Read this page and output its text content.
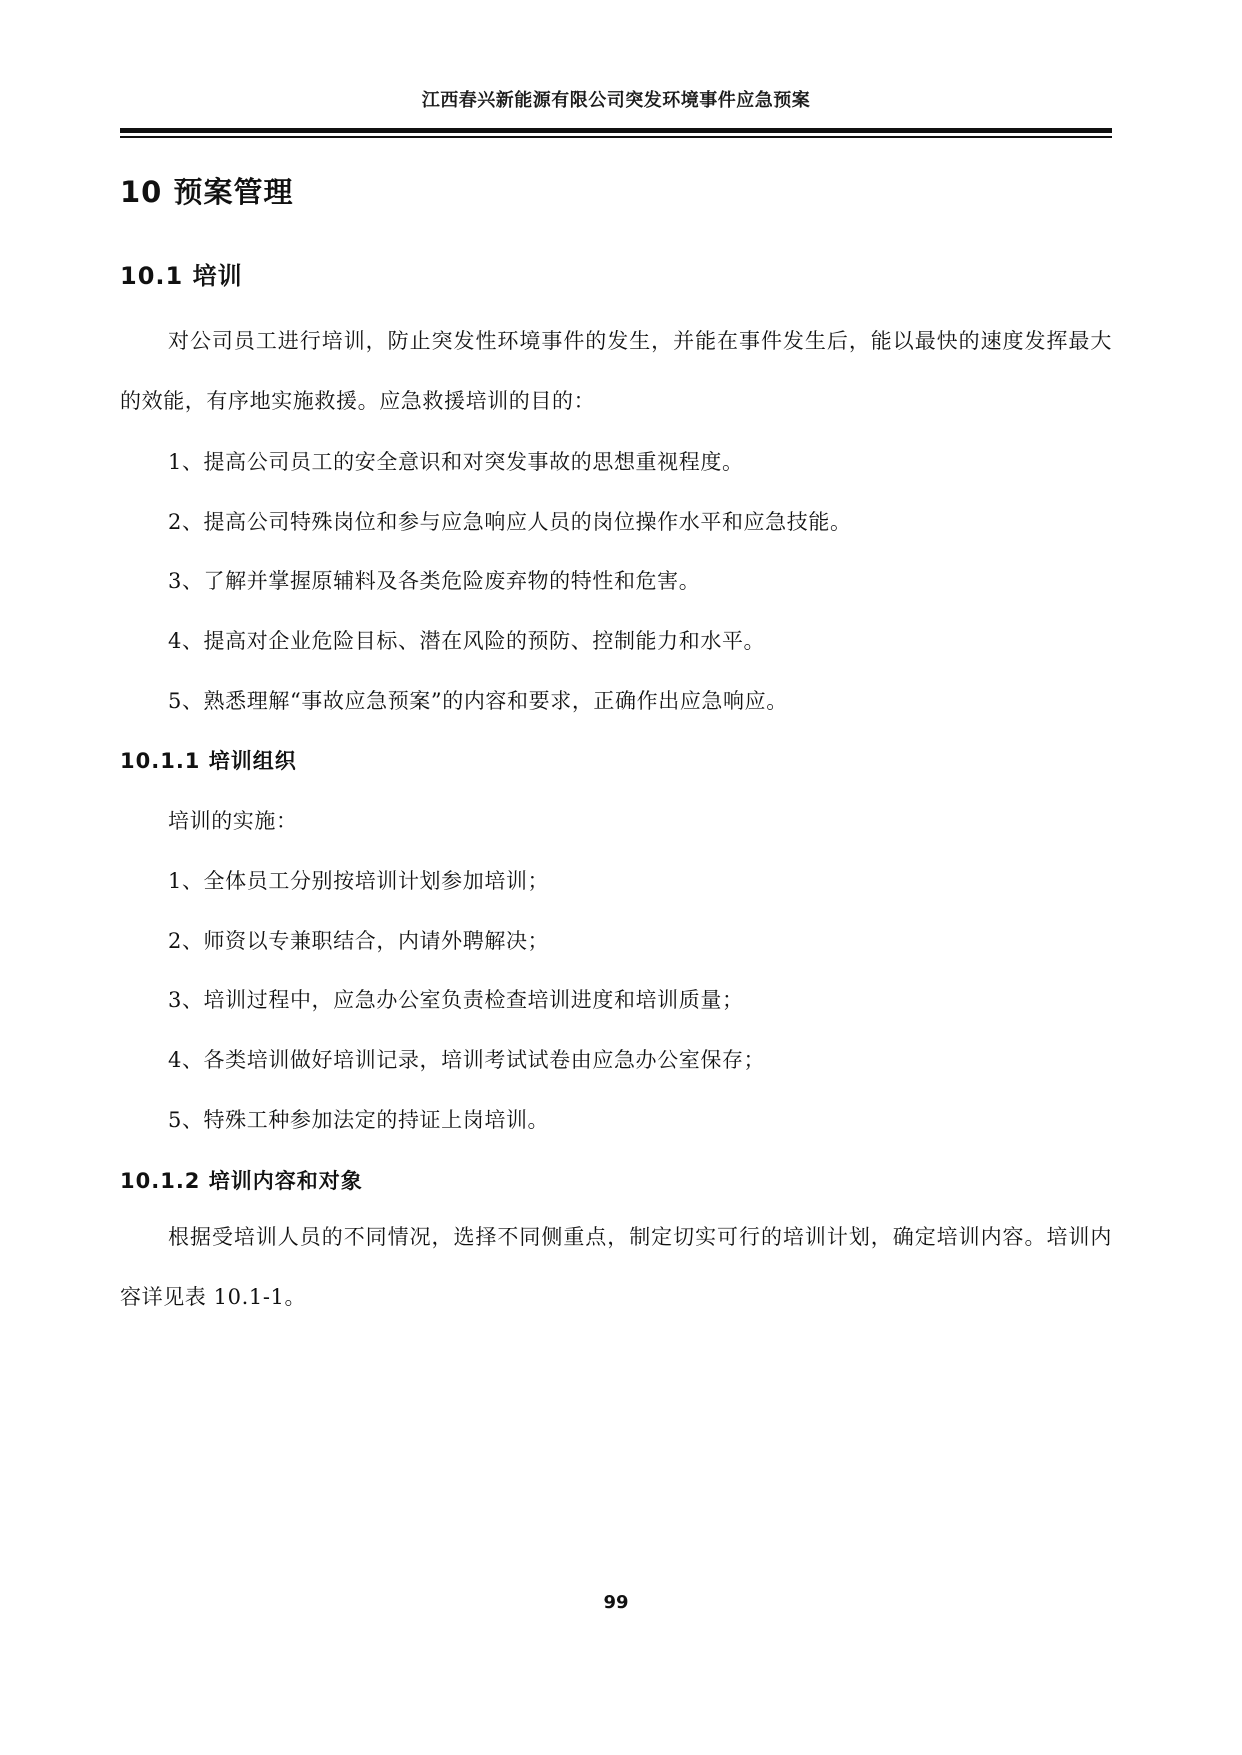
江西春兴新能源有限公司突发环境事件应急预案
10 预案管理
10.1 培训
对公司员工进行培训，防止突发性环境事件的发生，并能在事件发生后，能以最快的速度发挥最大的效能，有序地实施救援。应急救援培训的目的：
1、提高公司员工的安全意识和对突发事故的思想重视程度。
2、提高公司特殊岗位和参与应急响应人员的岗位操作水平和应急技能。
3、了解并掌握原辅料及各类危险废弃物的特性和危害。
4、提高对企业危险目标、潜在风险的预防、控制能力和水平。
5、熟悉理解“事故应急预案”的内容和要求，正确作出应急响应。
10.1.1 培训组织
培训的实施：
1、全体员工分别按培训计划参加培训；
2、师资以专兼职结合，内请外聘解决；
3、培训过程中，应急办公室负责检查培训进度和培训质量；
4、各类培训做好培训记录，培训考试试卷由应急办公室保存；
5、特殊工种参加法定的持证上岗培训。
10.1.2 培训内容和对象
根据受培训人员的不同情况，选择不同侧重点，制定切实可行的培训计划，确定培训内容。培训内容详见表 10.1-1。
99
